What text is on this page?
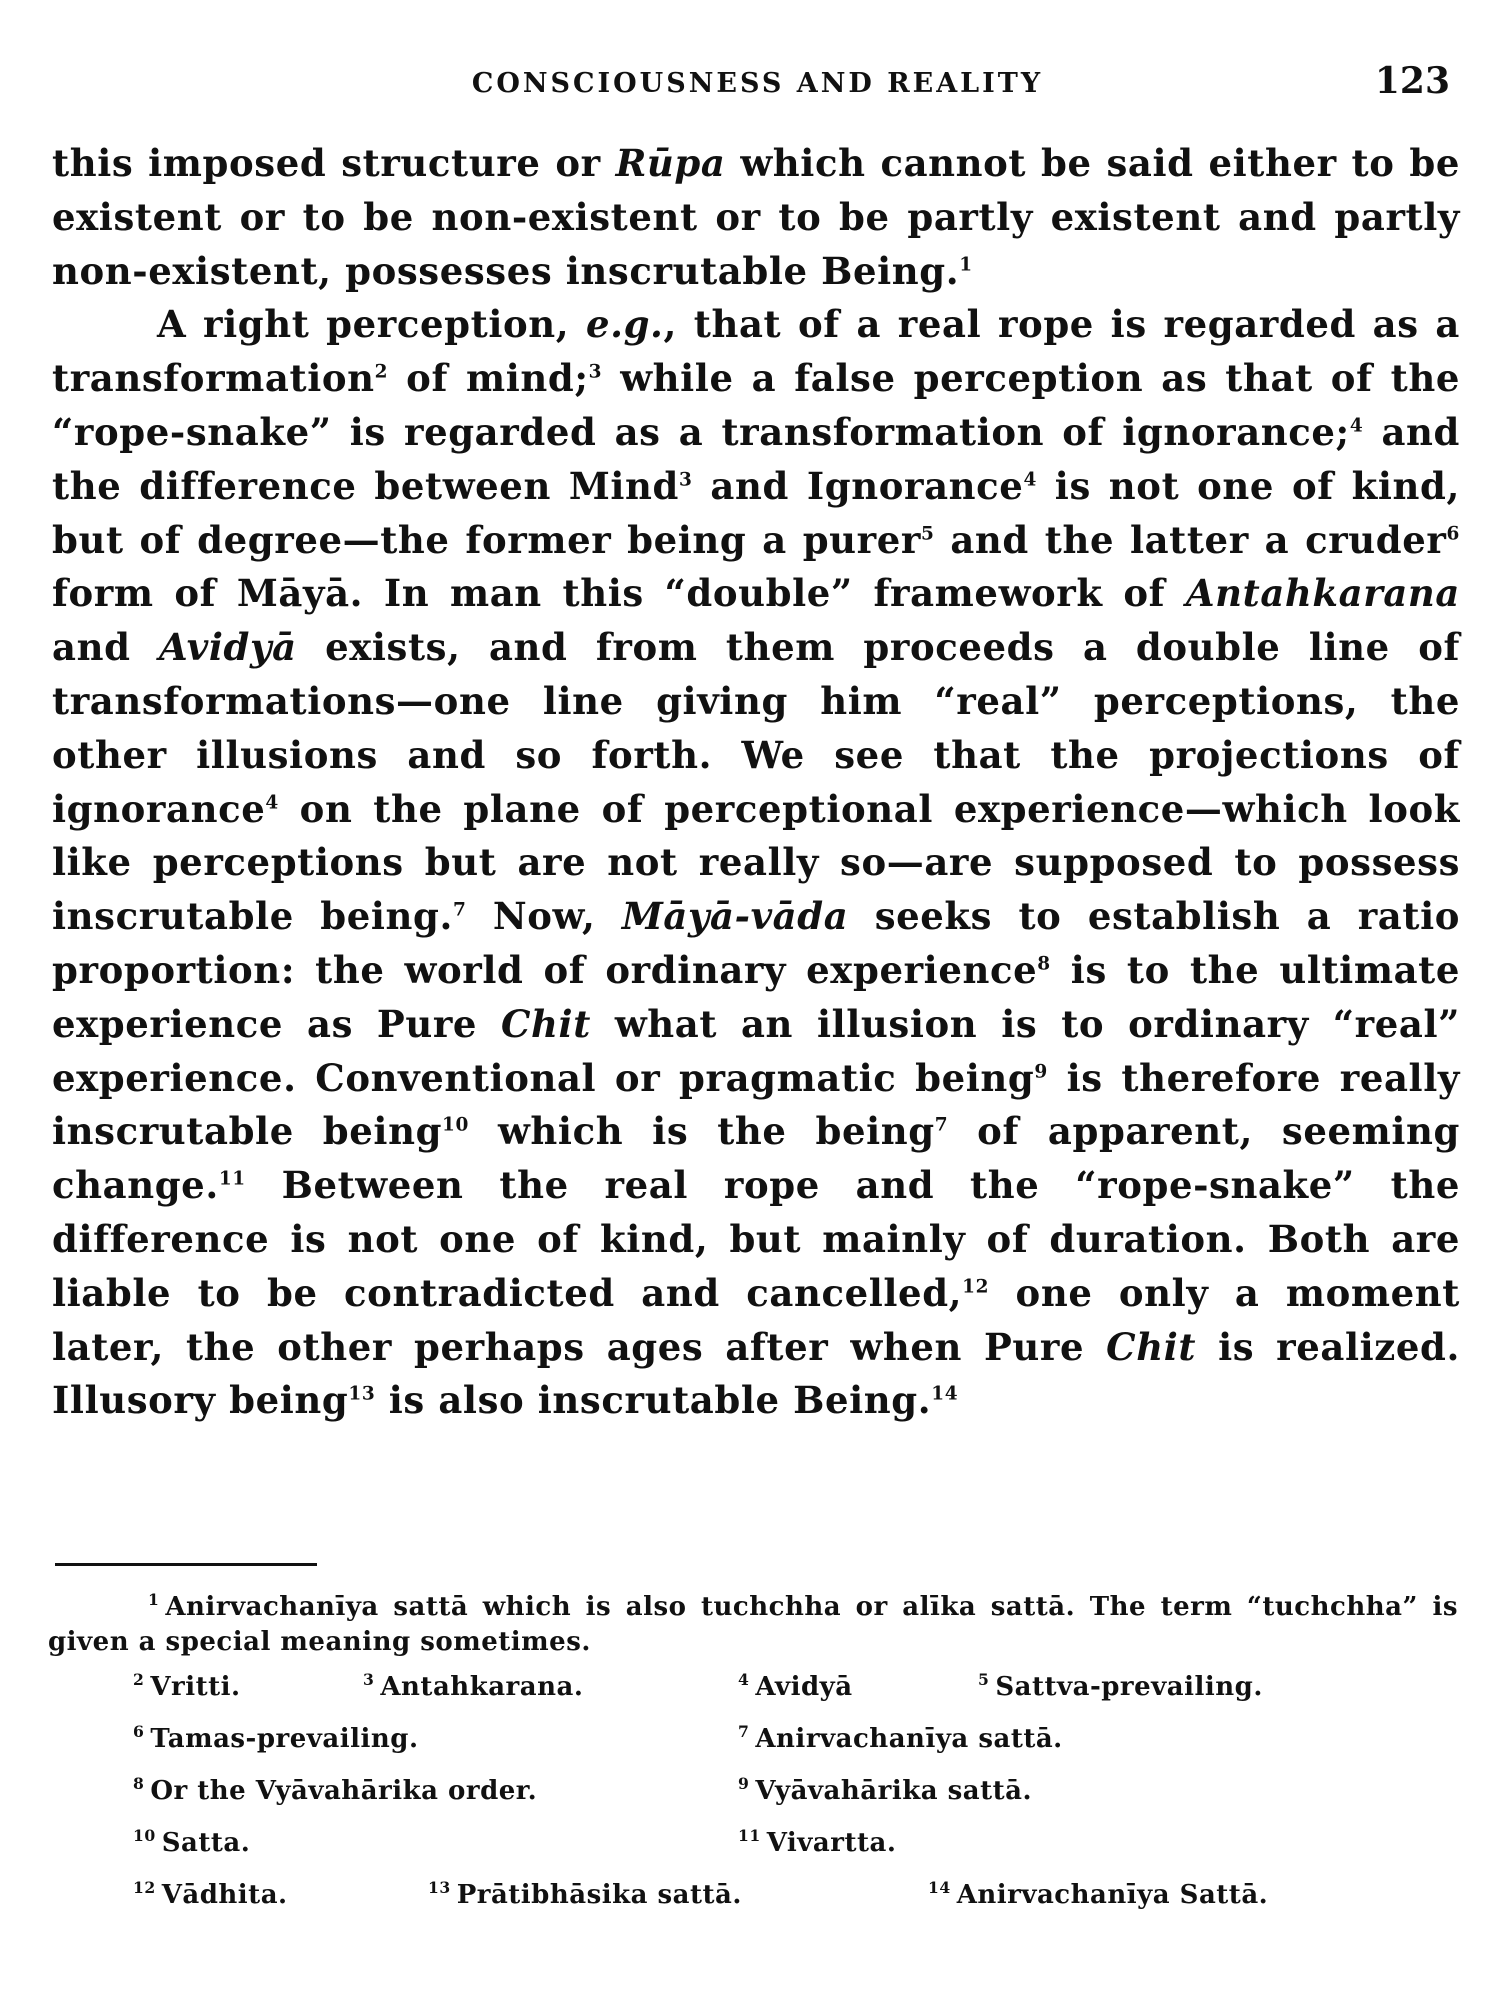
CONSCIOUSNESS AND REALITY	123

this imposed structure or Rūpa which cannot be said either to be existent or to be non-existent or to be partly existent and partly non-existent, possesses inscrutable Being.$^1$

A right perception, e.g., that of a real rope is regarded as a transformation$^2$ of mind;$^3$ while a false perception as that of the “rope-snake” is regarded as a transformation of ignorance;$^4$ and the difference between Mind$^3$ and Ignorance$^4$ is not one of kind, but of degree—the former being a purer$^5$ and the latter a cruder$^6$ form of Māyā. In man this “double” framework of Antahkarana and Avidyā exists, and from them proceeds a double line of transformations—one line giving him “real” perceptions, the other illusions and so forth. We see that the projections of ignorance$^4$ on the plane of perceptional experience—which look like perceptions but are not really so—are supposed to possess inscrutable being.$^7$ Now, Māyā-vāda seeks to establish a ratio proportion: the world of ordinary experience$^8$ is to the ultimate experience as Pure Chit what an illusion is to ordinary “real” experience. Conventional or pragmatic being$^9$ is therefore really inscrutable being$^{10}$ which is the being$^7$ of apparent, seeming change.$^{11}$ Between the real rope and the “rope-snake” the difference is not one of kind, but mainly of duration. Both are liable to be contradicted and cancelled,$^{12}$ one only a moment later, the other perhaps ages after when Pure Chit is realized. Illusory being$^{13}$ is also inscrutable Being.$^{14}$

$^1$ Anirvachanīya sattā which is also tuchchha or alīka sattā. The term “tuchchha” is given a special meaning sometimes.

$^2$ Vritti.	$^3$ Antahkarana.	$^4$ Avidyā	$^5$ Sattva-prevailing.
$^6$ Tamas-prevailing.	$^7$ Anirvachanīya sattā.
$^8$ Or the Vyāvahārika order.	$^9$ Vyāvahārika sattā.
$^{10}$ Satta.	$^{11}$ Vivartta.
$^{12}$ Vādhita.	$^{13}$ Prātibhāsika sattā.	$^{14}$ Anirvachanīya Sattā.
